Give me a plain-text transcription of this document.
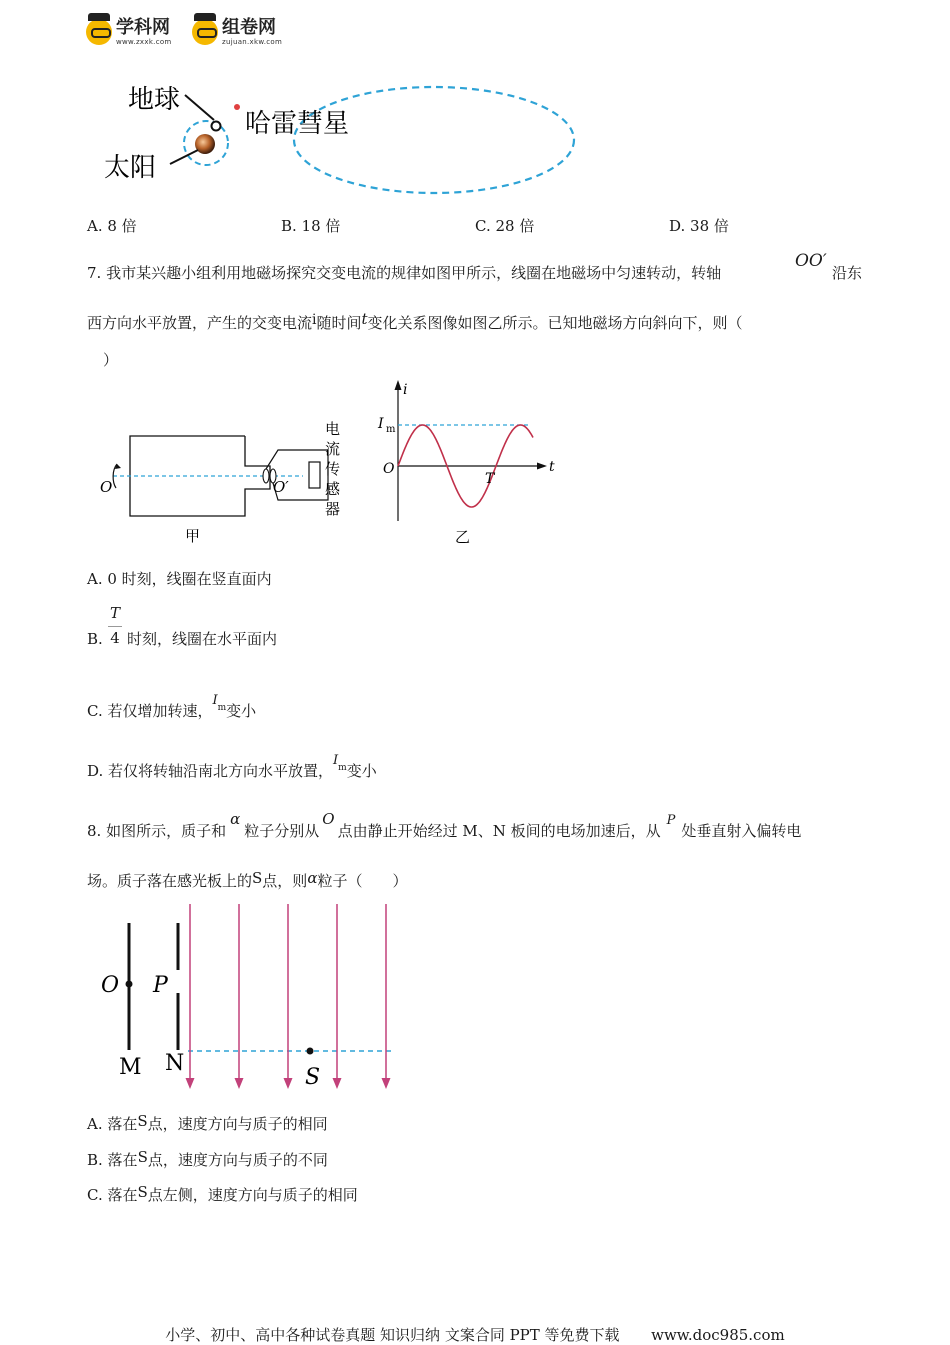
学科网
www.zxxk.com
组卷网
zujuan.xkw.com
地球
太阳
哈雷彗星
A. 8 倍	B. 18 倍	C. 28 倍	D. 38 倍
7. 我市某兴趣小组利用地磁场探究交变电流的规律如图甲所示，线圈在地磁场中匀速转动，转轴
OO′
沿东
西方向水平放置，产生的交变电流i随时间t变化关系图像如图乙所示。已知地磁场方向斜向下，则（
）
O	O′
电
流
传
感
器
甲
i
t
I m
O
T
乙
A. 0 时刻，线圈在竖直面内
B.
T
4 时刻，线圈在水平面内
C. 若仅增加转速，$I^m$变小
D. 若仅将转轴沿南北方向水平放置，$I^m$变小
8. 如图所示，质子和α粒子分别从O点由静止开始经过 M、N 板间的电场加速后，从P处垂直射入偏转电
场。质子落在感光板上的S点，则α粒子（　　）
O P
M N
S
A. 落在S点，速度方向与质子的相同
B. 落在S点，速度方向与质子的不同
C. 落在S点左侧，速度方向与质子的相同
小学、初中、高中各种试卷真题 知识归纳 文案合同 PPT 等免费下载 www.doc985.com
